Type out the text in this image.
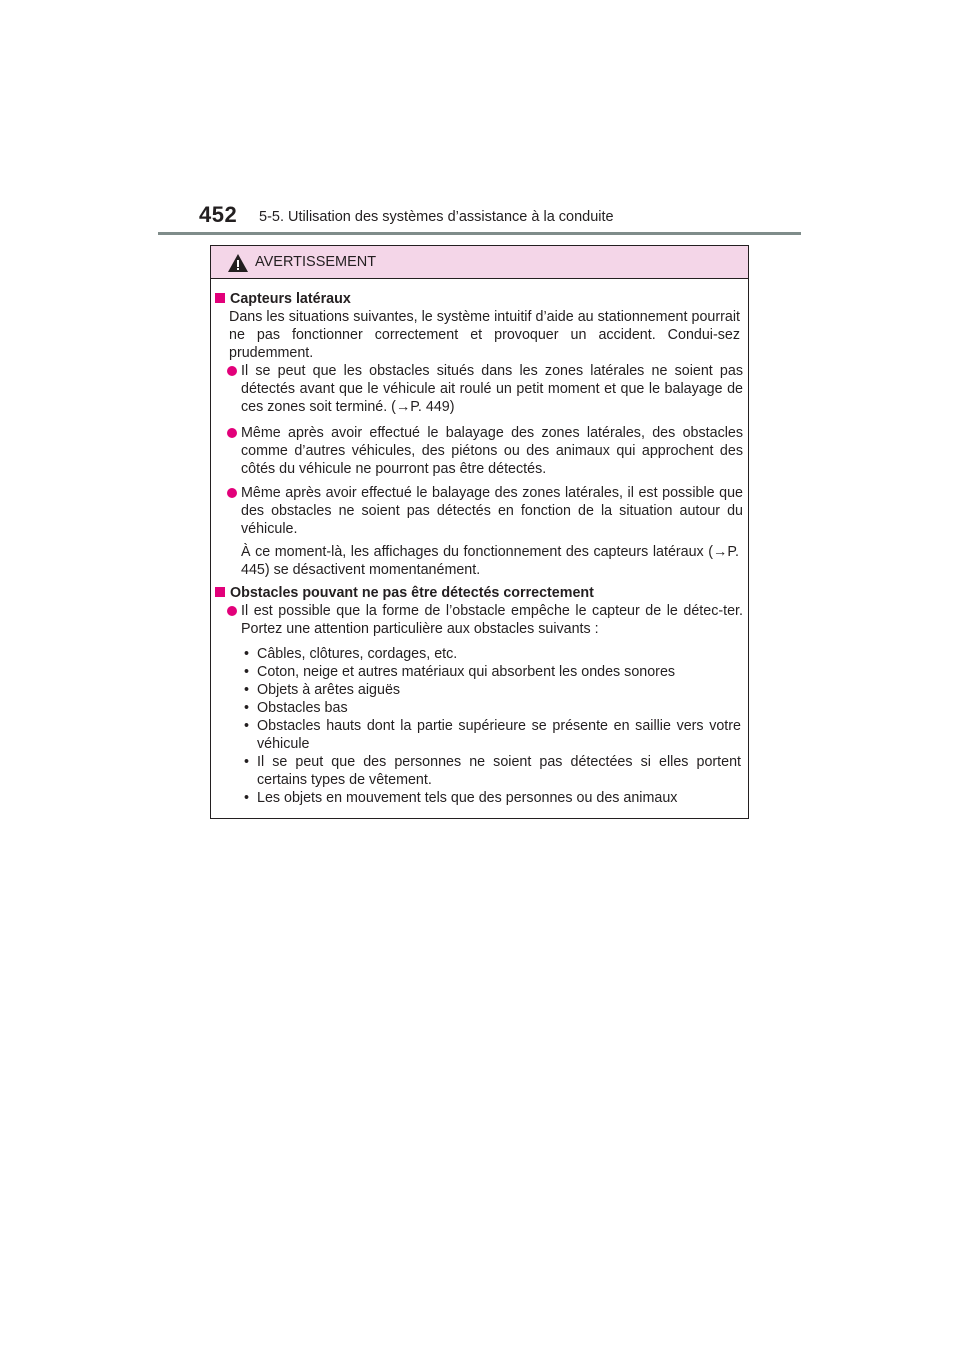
452 5-5. Utilisation des systèmes d’assistance à la conduite
AVERTISSEMENT
Capteurs latéraux
Dans les situations suivantes, le système intuitif d’aide au stationnement pourrait ne pas fonctionner correctement et provoquer un accident. Condui-sez prudemment.
Il se peut que les obstacles situés dans les zones latérales ne soient pas détectés avant que le véhicule ait roulé un petit moment et que le balayage de ces zones soit terminé. (→P. 449)
Même après avoir effectué le balayage des zones latérales, des obstacles comme d’autres véhicules, des piétons ou des animaux qui approchent des côtés du véhicule ne pourront pas être détectés.
Même après avoir effectué le balayage des zones latérales, il est possible que des obstacles ne soient pas détectés en fonction de la situation autour du véhicule.
À ce moment-là, les affichages du fonctionnement des capteurs latéraux (→P. 445) se désactivent momentanément.
Obstacles pouvant ne pas être détectés correctement
Il est possible que la forme de l’obstacle empêche le capteur de le détec-ter. Portez une attention particulière aux obstacles suivants :
• Câbles, clôtures, cordages, etc.
• Coton, neige et autres matériaux qui absorbent les ondes sonores
• Objets à arêtes aiguës
• Obstacles bas
• Obstacles hauts dont la partie supérieure se présente en saillie vers votre véhicule
• Il se peut que des personnes ne soient pas détectées si elles portent certains types de vêtement.
• Les objets en mouvement tels que des personnes ou des animaux
